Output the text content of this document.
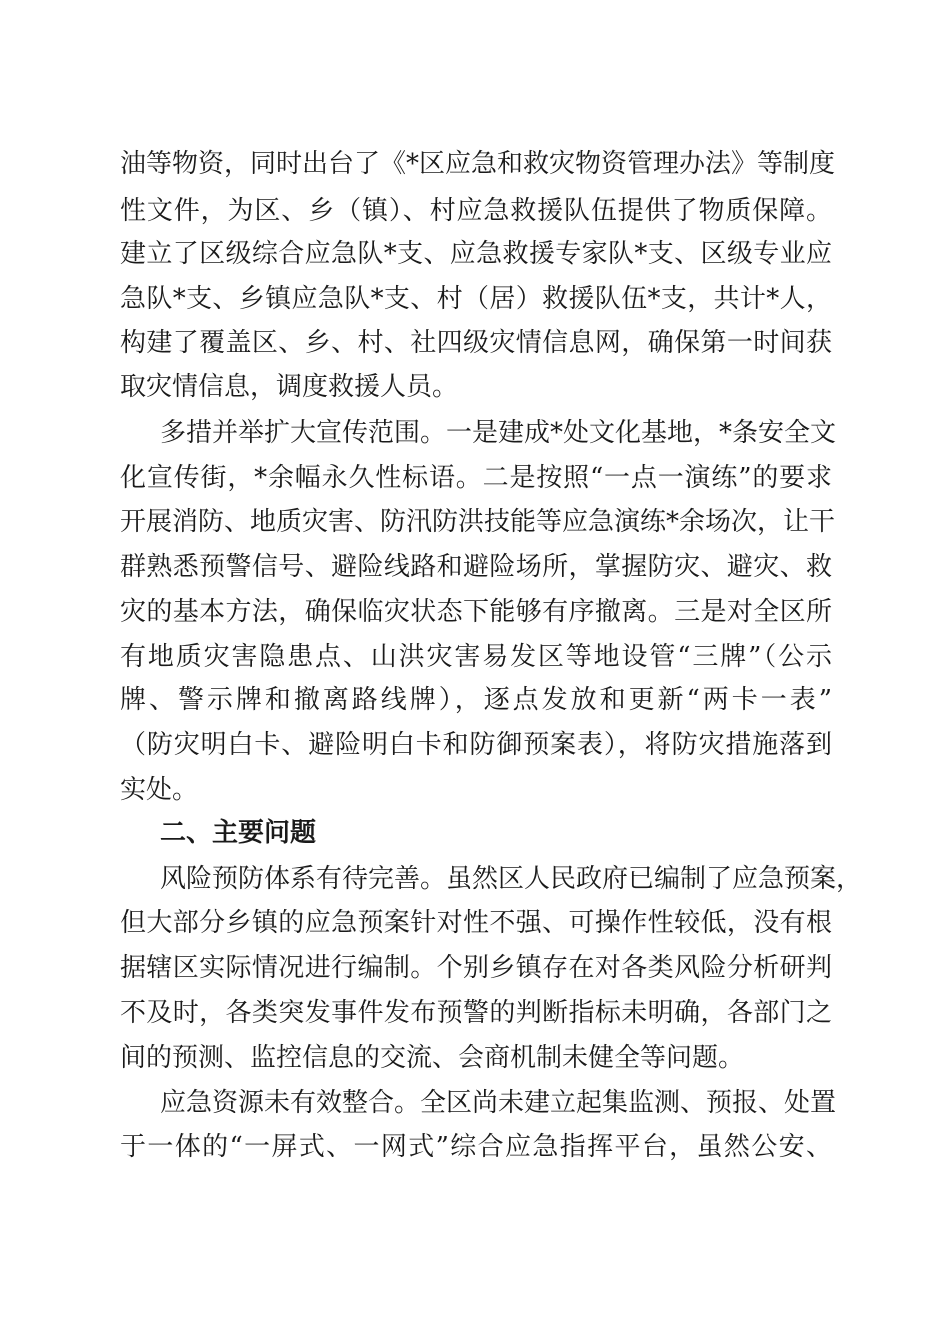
油等物资，同时出台了《*区应急和救灾物资管理办法》等制度
性文件，为区、乡（镇）、村应急救援队伍提供了物质保障。
建立了区级综合应急队*支、应急救援专家队*支、区级专业应
急队*支、乡镇应急队*支、村（居）救援队伍*支，共计*人，
构建了覆盖区、乡、村、社四级灾情信息网，确保第一时间获
取灾情信息，调度救援人员。
多措并举扩大宣传范围。一是建成*处文化基地，*条安全文
化宣传街，*余幅永久性标语。二是按照“一点一演练”的要求
开展消防、地质灾害、防汛防洪技能等应急演练*余场次，让干
群熟悉预警信号、避险线路和避险场所，掌握防灾、避灾、救
灾的基本方法，确保临灾状态下能够有序撤离。三是对全区所
有地质灾害隐患点、山洪灾害易发区等地设管“三牌”（公示
牌、警示牌和撤离路线牌），逐点发放和更新“两卡一表”
（防灾明白卡、避险明白卡和防御预案表），将防灾措施落到
实处。
二、主要问题
风险预防体系有待完善。虽然区人民政府已编制了应急预案，
但大部分乡镇的应急预案针对性不强、可操作性较低，没有根
据辖区实际情况进行编制。个别乡镇存在对各类风险分析研判
不及时，各类突发事件发布预警的判断指标未明确，各部门之
间的预测、监控信息的交流、会商机制未健全等问题。
应急资源未有效整合。全区尚未建立起集监测、预报、处置
于一体的“一屏式、一网式”综合应急指挥平台，虽然公安、
